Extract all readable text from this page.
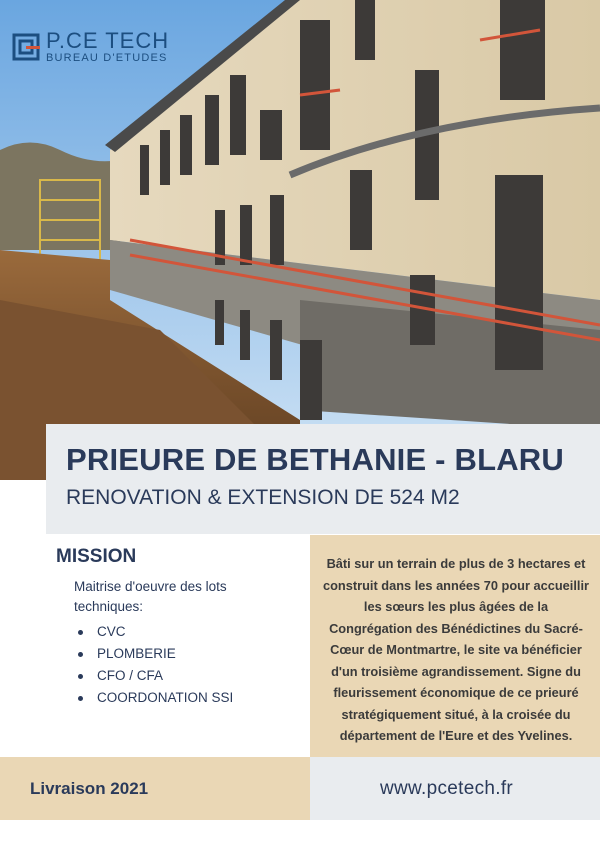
P.CE TECH
BUREAU D'ETUDES
PRIEURE DE BETHANIE - BLARU
RENOVATION & EXTENSION DE 524 M2
MISSION
Maitrise d'oeuvre des lots techniques:
CVC
PLOMBERIE
CFO / CFA
COORDONATION SSI
Bâti sur un terrain de plus de 3 hectares et construit dans les années 70 pour accueillir les sœurs les plus âgées de la Congrégation des Bénédictines du Sacré-Cœur de Montmartre, le site va bénéficier d'un troisième agrandissement. Signe du fleurissement économique de ce prieuré stratégiquement situé, à la croisée du département de l'Eure et des Yvelines.
Livraison 2021	www.pcetech.fr
